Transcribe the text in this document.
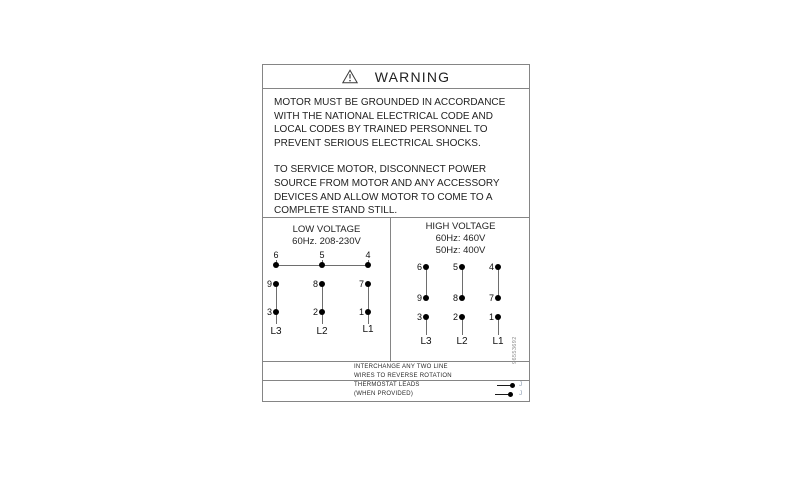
WARNING
MOTOR MUST BE GROUNDED IN ACCORDANCE
WITH THE NATIONAL ELECTRICAL CODE AND
LOCAL CODES BY TRAINED PERSONNEL TO
PREVENT SERIOUS ELECTRICAL SHOCKS.
TO SERVICE MOTOR, DISCONNECT POWER
SOURCE FROM MOTOR AND ANY ACCESSORY
DEVICES AND ALLOW MOTOR TO COME TO A
COMPLETE STAND STILL.
LOW VOLTAGE
60Hz. 208-230V
6	5	4
9	8	7
3	2	1
L3	L2	L1
HIGH VOLTAGE
60Hz: 460V
50Hz: 400V
6	5	4
9	8	7
3	2	1
L3	L2	L1	96553692
INTERCHANGE ANY TWO LINE
WIRES TO REVERSE ROTATION
THERMOSTAT LEADS
(WHEN PROVIDED)
J
J
